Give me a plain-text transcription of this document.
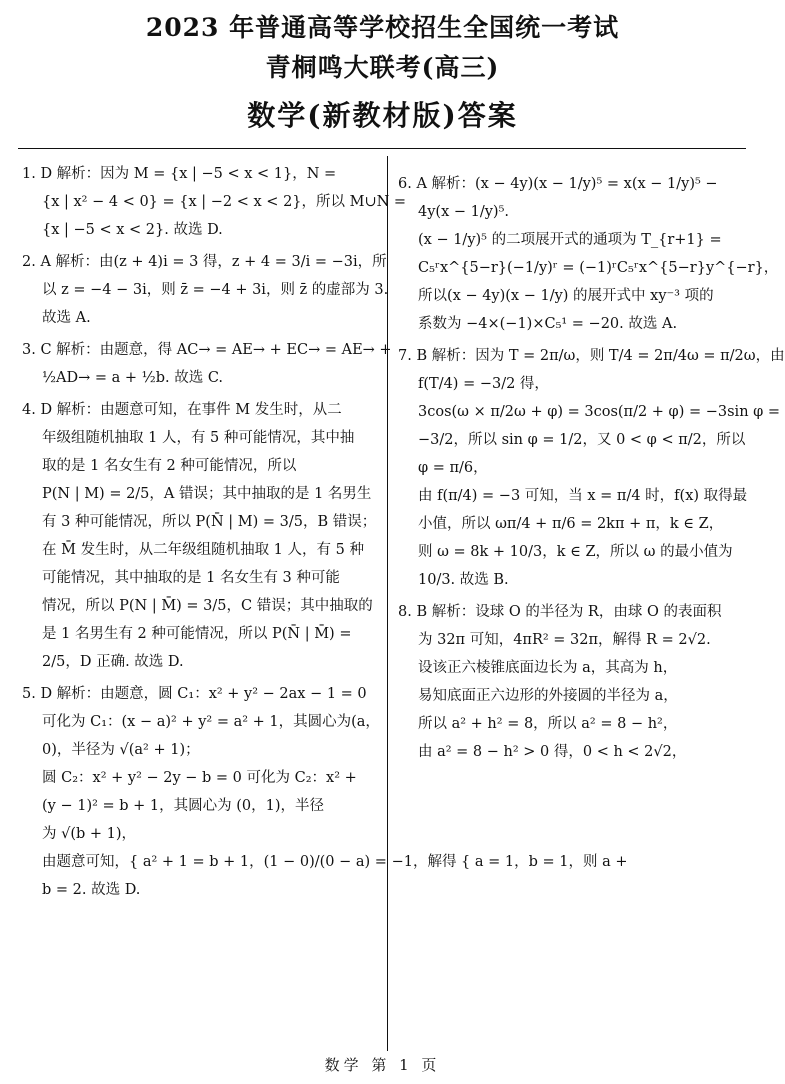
2023 年普通高等学校招生全国统一考试
青桐鸣大联考(高三)
数学(新教材版)答案
1. D 解析：因为 M = {x | −5 < x < 1}，N =
{x | x² − 4 < 0} = {x | −2 < x < 2}，所以 M∪N =
{x | −5 < x < 2}. 故选 D.
2. A 解析：由(z + 4)i = 3 得，z + 4 = 3/i = −3i，所
以 z = −4 − 3i，则 z̄ = −4 + 3i，则 z̄ 的虚部为 3.
故选 A.
3. C 解析：由题意，得 AC→ = AE→ + EC→ = AE→ +
½AD→ = a + ½b. 故选 C.
4. D 解析：由题意可知，在事件 M 发生时，从二
年级组随机抽取 1 人，有 5 种可能情况，其中抽
取的是 1 名女生有 2 种可能情况，所以
P(N | M) = 2/5，A 错误；其中抽取的是 1 名男生
有 3 种可能情况，所以 P(N̄ | M) = 3/5，B 错误；
在 M̄ 发生时，从二年级组随机抽取 1 人，有 5 种
可能情况，其中抽取的是 1 名女生有 3 种可能
情况，所以 P(N | M̄) = 3/5，C 错误；其中抽取的
是 1 名男生有 2 种可能情况，所以 P(N̄ | M̄) =
2/5，D 正确. 故选 D.
5. D 解析：由题意，圆 C₁：x² + y² − 2ax − 1 = 0
可化为 C₁：(x − a)² + y² = a² + 1，其圆心为(a，
0)，半径为 √(a² + 1)；
圆 C₂：x² + y² − 2y − b = 0 可化为 C₂：x² +
(y − 1)² = b + 1，其圆心为 (0，1)，半径
为 √(b + 1)，
由题意可知，{ a² + 1 = b + 1，(1 − 0)/(0 − a) = −1，解得 { a = 1，b = 1，则 a +
b = 2. 故选 D.
6. A 解析：(x − 4y)(x − 1/y)⁵ = x(x − 1/y)⁵ −
4y(x − 1/y)⁵.
(x − 1/y)⁵ 的二项展开式的通项为 T_{r+1} =
C₅ʳx^{5−r}(−1/y)ʳ = (−1)ʳC₅ʳx^{5−r}y^{−r}，
所以(x − 4y)(x − 1/y) 的展开式中 xy⁻³ 项的
系数为 −4×(−1)×C₅¹ = −20. 故选 A.
7. B 解析：因为 T = 2π/ω，则 T/4 = 2π/4ω = π/2ω，由
f(T/4) = −3/2 得，
3cos(ω × π/2ω + φ) = 3cos(π/2 + φ) = −3sin φ =
−3/2，所以 sin φ = 1/2，又 0 < φ < π/2，所以
φ = π/6，
由 f(π/4) = −3 可知，当 x = π/4 时，f(x) 取得最
小值，所以 ωπ/4 + π/6 = 2kπ + π，k ∈ Z，
则 ω = 8k + 10/3，k ∈ Z，所以 ω 的最小值为
10/3. 故选 B.
8. B 解析：设球 O 的半径为 R，由球 O 的表面积
为 32π 可知，4πR² = 32π，解得 R = 2√2.
设该正六棱锥底面边长为 a，其高为 h，
易知底面正六边形的外接圆的半径为 a，
所以 a² + h² = 8，所以 a² = 8 − h²，
由 a² = 8 − h² > 0 得，0 < h < 2√2，
数学 第 1 页
